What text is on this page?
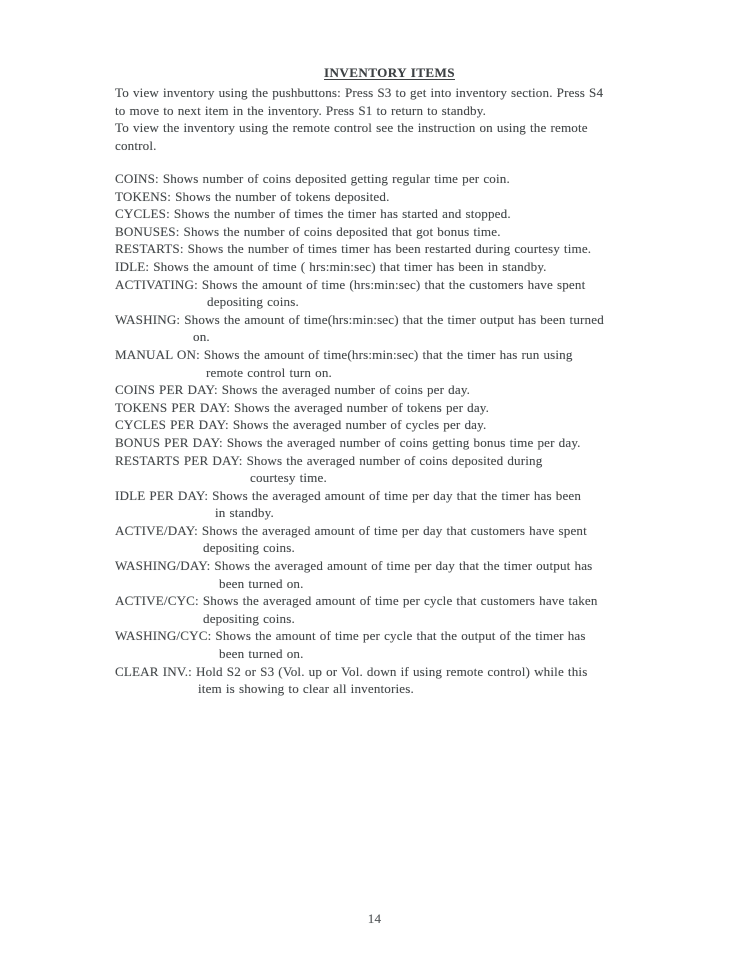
INVENTORY ITEMS
To view inventory using the pushbuttons: Press S3 to get into inventory section. Press S4
to move to next item in the inventory. Press S1 to return to standby.
To view the inventory using the remote control see the instruction on using the remote
control.
COINS: Shows number of coins deposited getting regular time per coin.
TOKENS: Shows the number of tokens deposited.
CYCLES: Shows the number of times the timer has started and stopped.
BONUSES: Shows the number of coins deposited that got bonus time.
RESTARTS: Shows the number of times timer has been restarted during courtesy time.
IDLE: Shows the amount of time ( hrs:min:sec) that timer has been in standby.
ACTIVATING: Shows the amount of time (hrs:min:sec) that the customers have spent
depositing coins.
WASHING: Shows the amount of time(hrs:min:sec) that the timer output has been turned
on.
MANUAL ON: Shows the amount of time(hrs:min:sec) that the timer has run using
remote control turn on.
COINS PER DAY: Shows the averaged number of coins per day.
TOKENS PER DAY: Shows the averaged number of tokens per day.
CYCLES PER DAY: Shows the averaged number of cycles per day.
BONUS PER DAY: Shows the averaged number of coins getting bonus time per day.
RESTARTS PER DAY: Shows the averaged number of coins deposited during
courtesy time.
IDLE PER DAY: Shows the averaged amount of time per day that the timer has been
in standby.
ACTIVE/DAY: Shows the averaged amount of time per day that customers have spent
depositing coins.
WASHING/DAY: Shows the averaged amount of time per day that the timer output has
been turned on.
ACTIVE/CYC: Shows the averaged amount of time per cycle that customers have taken
depositing coins.
WASHING/CYC: Shows the amount of time per cycle that the output of the timer has
been turned on.
CLEAR INV.: Hold S2 or S3 (Vol. up or Vol. down if using remote control) while this
item is showing to clear all inventories.
14
